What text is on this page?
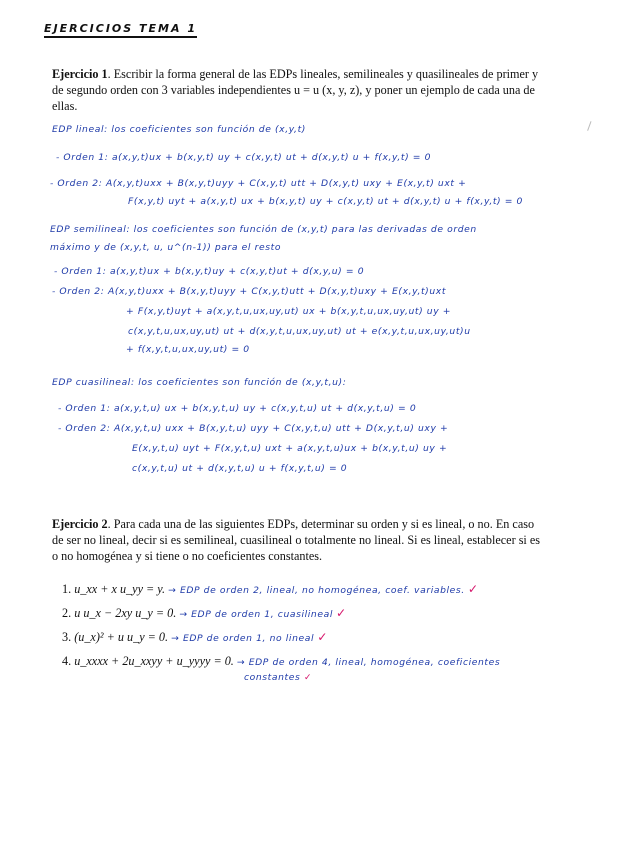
EJERCICIOS TEMA 1
Ejercicio 1. Escribir la forma general de las EDPs lineales, semilineales y quasilineales de primer y de segundo orden con 3 variables independientes u = u (x, y, z), y poner un ejemplo de cada una de ellas.
EDP lineal: los coeficientes son función de (x,y,t)
- Orden 1: a(x,y,t)ux + b(x,y,t) uy + c(x,y,t) ut + d(x,y,t) u + f(x,y,t) = 0
- Orden 2: A(x,y,t)uxx + B(x,y,t)uyy + C(x,y,t) utt + D(x,y,t) uxy + E(x,y,t) uxt +
F(x,y,t) uyt + a(x,y,t) ux + b(x,y,t) uy + c(x,y,t) ut + d(x,y,t) u + f(x,y,t) = 0
EDP semilineal: los coeficientes son función de (x,y,t) para las derivadas de orden
máximo y de (x,y,t, u, u^(n-1)) para el resto
- Orden 1: a(x,y,t)ux + b(x,y,t)uy + c(x,y,t)ut + d(x,y,u) = 0
- Orden 2: A(x,y,t)uxx + B(x,y,t)uyy + C(x,y,t)utt + D(x,y,t)uxy + E(x,y,t)uxt
+ F(x,y,t)uyt + a(x,y,t,u,ux,uy,ut) ux + b(x,y,t,u,ux,uy,ut) uy +
c(x,y,t,u,ux,uy,ut) ut + d(x,y,t,u,ux,uy,ut) ut + e(x,y,t,u,ux,uy,ut)u
+ f(x,y,t,u,ux,uy,ut) = 0
EDP cuasilineal: los coeficientes son función de (x,y,t,u):
- Orden 1: a(x,y,t,u) ux + b(x,y,t,u) uy + c(x,y,t,u) ut + d(x,y,t,u) = 0
- Orden 2: A(x,y,t,u) uxx + B(x,y,t,u) uyy + C(x,y,t,u) utt + D(x,y,t,u) uxy +
E(x,y,t,u) uyt + F(x,y,t,u) uxt + a(x,y,t,u)ux + b(x,y,t,u) uy +
c(x,y,t,u) ut + d(x,y,t,u) u + f(x,y,t,u) = 0
Ejercicio 2. Para cada una de las siguientes EDPs, determinar su orden y si es lineal, o no. En caso de ser no lineal, decir si es semilineal, cuasilineal o totalmente no lineal. Si es lineal, establecer si es o no homogénea y si tiene o no coeficientes constantes.
1. u_xx + x u_yy = y. → EDP de orden 2, lineal, no homogénea, coef. variables. ✓
2. u u_x − 2xy u_y = 0. → EDP de orden 1, cuasilineal ✓
3. (u_x)² + u u_y = 0. → EDP de orden 1, no lineal ✓
4. u_xxxx + 2u_xxyy + u_yyyy = 0. → EDP de orden 4, lineal, homogénea, coeficientes
constantes ✓
